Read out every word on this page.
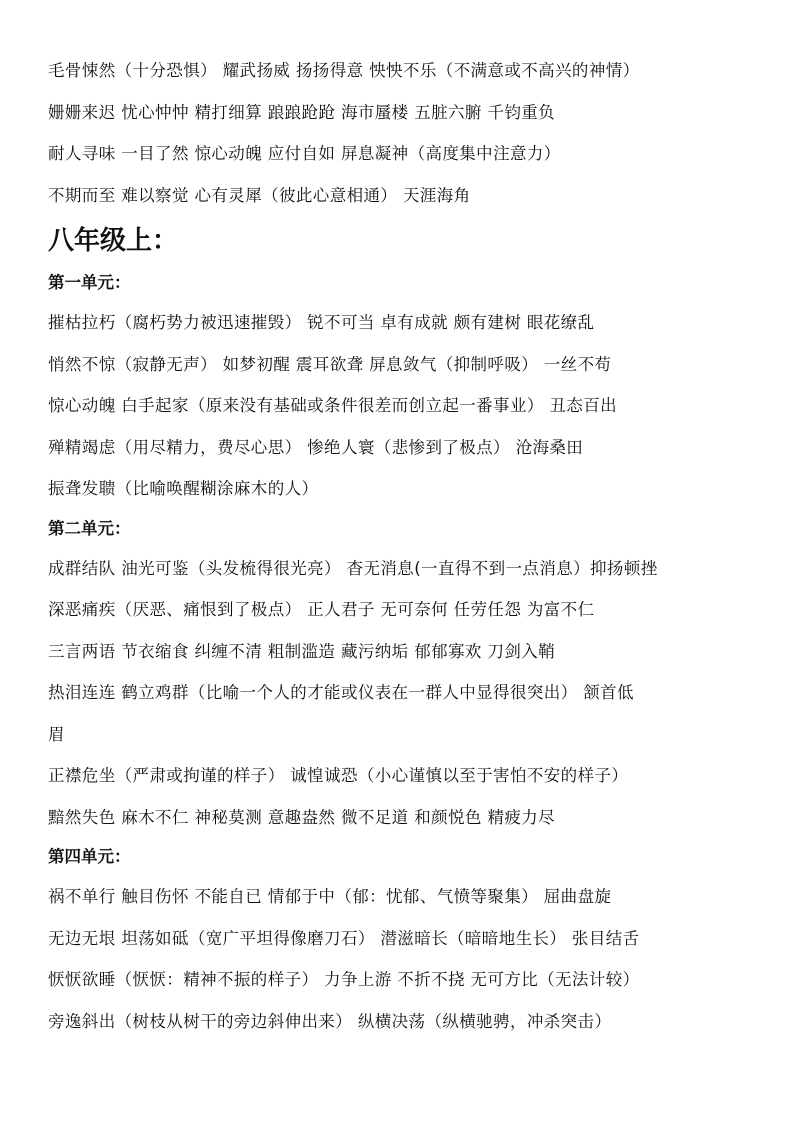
毛骨悚然（十分恐惧） 耀武扬威 扬扬得意 怏怏不乐（不满意或不高兴的神情）
姗姗来迟 忧心忡忡 精打细算 踉踉跄跄 海市蜃楼 五脏六腑 千钧重负
耐人寻味 一目了然 惊心动魄 应付自如 屏息凝神（高度集中注意力）
不期而至 难以察觉 心有灵犀（彼此心意相通） 天涯海角
八年级上：
第一单元：
摧枯拉朽（腐朽势力被迅速摧毁） 锐不可当 卓有成就 颇有建树 眼花缭乱
悄然不惊（寂静无声） 如梦初醒 震耳欲聋 屏息敛气（抑制呼吸） 一丝不苟
惊心动魄 白手起家（原来没有基础或条件很差而创立起一番事业） 丑态百出
殚精竭虑（用尽精力，费尽心思） 惨绝人寰（悲惨到了极点） 沧海桑田
振聋发聩（比喻唤醒糊涂麻木的人）
第二单元：
成群结队 油光可鉴（头发梳得很光亮） 杳无消息(一直得不到一点消息）抑扬顿挫
深恶痛疾（厌恶、痛恨到了极点） 正人君子 无可奈何 任劳任怨 为富不仁
三言两语 节衣缩食 纠缠不清 粗制滥造 藏污纳垢 郁郁寡欢 刀剑入鞘
热泪连连 鹤立鸡群（比喻一个人的才能或仪表在一群人中显得很突出） 颔首低
眉
正襟危坐（严肃或拘谨的样子） 诚惶诚恐（小心谨慎以至于害怕不安的样子）
黯然失色 麻木不仁 神秘莫测 意趣盎然 微不足道 和颜悦色 精疲力尽
第四单元：
祸不单行 触目伤怀 不能自已 情郁于中（郁：忧郁、气愤等聚集） 屈曲盘旋
无边无垠 坦荡如砥（宽广平坦得像磨刀石） 潜滋暗长（暗暗地生长） 张目结舌
恹恹欲睡（恹恹：精神不振的样子） 力争上游 不折不挠 无可方比（无法计较）
旁逸斜出（树枝从树干的旁边斜伸出来） 纵横决荡（纵横驰骋，冲杀突击）
